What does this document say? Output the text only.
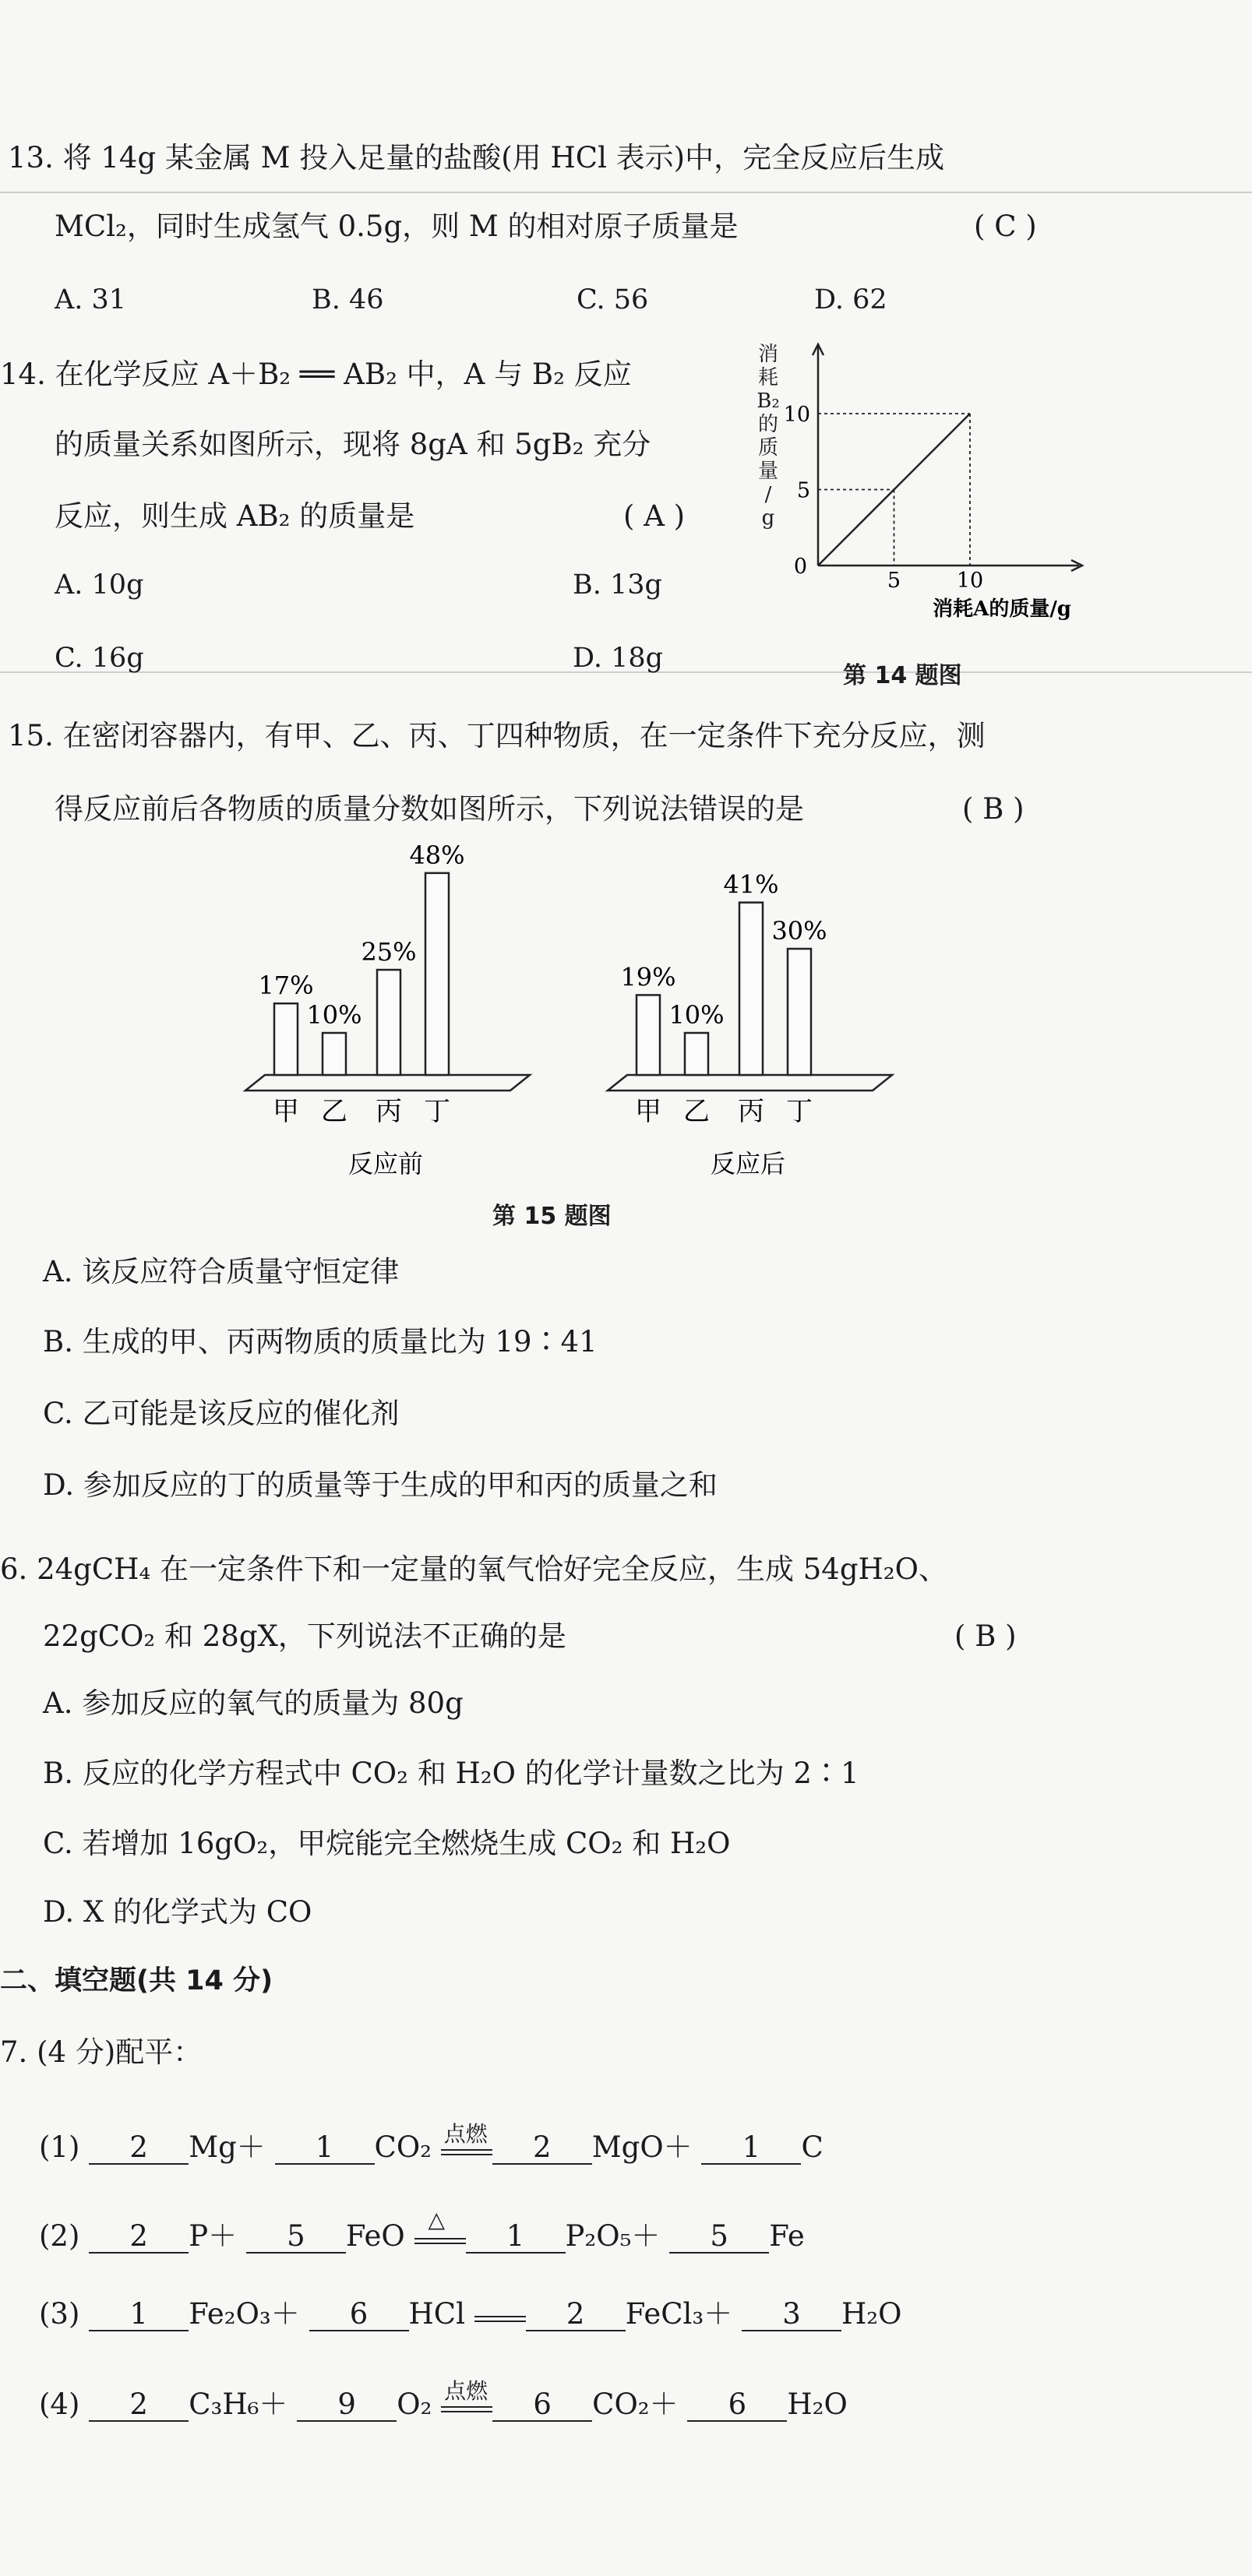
13. 将 14g 某金属 M 投入足量的盐酸(用 HCl 表示)中，完全反应后生成
MCl₂，同时生成氢气 0.5g，则 M 的相对原子质量是	( C )
A. 31	B. 46	C. 56	D. 62
14. 在化学反应 A＋B₂ ══ AB₂ 中，A 与 B₂ 反应
的质量关系如图所示，现将 8gA 和 5gB₂ 充分
反应，则生成 AB₂ 的质量是	( A )
A. 10g	B. 13g
C. 16g	D. 18g
第 14 题图
消
耗
B₂
的
质
量
/
g
5
10
5	10
0
消耗A的质量/g
15. 在密闭容器内，有甲、乙、丙、丁四种物质，在一定条件下充分反应，测
得反应前后各物质的质量分数如图所示，下列说法错误的是	( B )
17%
甲
10%
乙
25%
丙
48%
丁
反应前
19%
甲
10%
乙
41%
丙
30%
丁
反应后
第 15 题图
A. 该反应符合质量守恒定律
B. 生成的甲、丙两物质的质量比为 19∶41
C. 乙可能是该反应的催化剂
D. 参加反应的丁的质量等于生成的甲和丙的质量之和
6. 24gCH₄ 在一定条件下和一定量的氧气恰好完全反应，生成 54gH₂O、
22gCO₂ 和 28gX，下列说法不正确的是	( B )
A. 参加反应的氧气的质量为 80g
B. 反应的化学方程式中 CO₂ 和 H₂O 的化学计量数之比为 2∶1
C. 若增加 16gO₂，甲烷能完全燃烧生成 CO₂ 和 H₂O
D. X 的化学式为 CO
二、填空题(共 14 分)
7. (4 分)配平：
(1) 2 Mg＋ 1 CO₂ 点燃 2 MgO＋ 1 C
(2) 2 P＋ 5 FeO △ 1 P₂O₅＋ 5 Fe
(3) 1 Fe₂O₃＋ 6 HCl	2 FeCl₃＋ 3 H₂O
(4) 2 C₃H₆＋ 9 O₂ 点燃 6 CO₂＋ 6 H₂O
